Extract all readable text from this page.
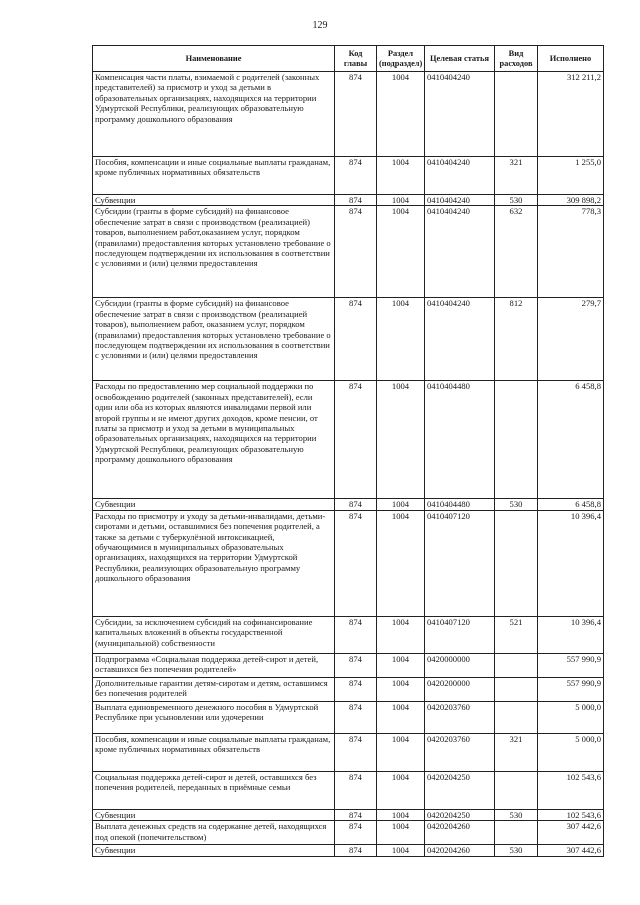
129
Наименование	Код главы	Раздел (подраздел)	Целевая статья	Вид расходов	Исполнено
Компенсация части платы, взимаемой с родителей (законных представителей) за присмотр и уход за детьми в образовательных организациях, находящихся на территории Удмуртской Республики, реализующих образовательную программу дошкольного образования	874	1004	0410404240		312 211,2
Пособия, компенсации и иные социальные выплаты гражданам, кроме публичных нормативных обязательств	874	1004	0410404240	321	1 255,0
Субвенции	874	1004	0410404240	530	309 898,2
Субсидии (гранты в форме субсидий) на финансовое обеспечение затрат в связи с производством (реализацией) товаров, выполнением работ,оказанием услуг, порядком (правилами) предоставления которых установлено требование о последующем подтверждении их использования в соответствии с условиями и (или) целями предоставления	874	1004	0410404240	632	778,3
Субсидии (гранты в форме субсидий) на финансовое обеспечение затрат в связи с производством (реализацией товаров), выполнением работ, оказанием услуг, порядком (правилами) предоставления которых установлено требование о последующем подтверждении их использования в соответствии с условиями и (или) целями предоставления	874	1004	0410404240	812	279,7
Расходы по предоставлению мер социальной поддержки по освобождению родителей (законных представителей), если один или оба из которых являются инвалидами первой или второй группы и не имеют других доходов, кроме пенсии, от платы за присмотр и уход за детьми в муниципальных образовательных организациях, находящихся на территории Удмуртской Республики, реализующих образовательную программу дошкольного образования	874	1004	0410404480		6 458,8
Субвенции	874	1004	0410404480	530	6 458,8
Расходы по присмотру и уходу за детьми-инвалидами, детьми-сиротами и детьми, оставшимися без попечения родителей, а также за детьми с туберкулёзной интоксикацией, обучающимися в муниципальных образовательных организациях, находящихся на территории Удмуртской Республики, реализующих образовательную программу дошкольного образования	874	1004	0410407120		10 396,4
Субсидии, за исключением субсидий на софинансирование капитальных вложений в объекты государственной (муниципальной) собственности	874	1004	0410407120	521	10 396,4
Подпрограмма «Социальная поддержка детей-сирот и детей, оставшихся без попечения родителей»	874	1004	0420000000		557 990,9
Дополнительные гарантии детям-сиротам и детям, оставшимся без попечения родителей	874	1004	0420200000		557 990,9
Выплата единовременного денежного пособия в Удмуртской Республике при усыновлении или удочерении	874	1004	0420203760		5 000,0
Пособия, компенсации и иные социальные выплаты гражданам, кроме публичных нормативных обязательств	874	1004	0420203760	321	5 000,0
Социальная поддержка детей-сирот и детей, оставшихся без попечения родителей, переданных в приёмные семьи	874	1004	0420204250		102 543,6
Субвенции	874	1004	0420204250	530	102 543,6
Выплата денежных средств на содержание детей, находящихся под опекой (попечительством)	874	1004	0420204260		307 442,6
Субвенции	874	1004	0420204260	530	307 442,6
